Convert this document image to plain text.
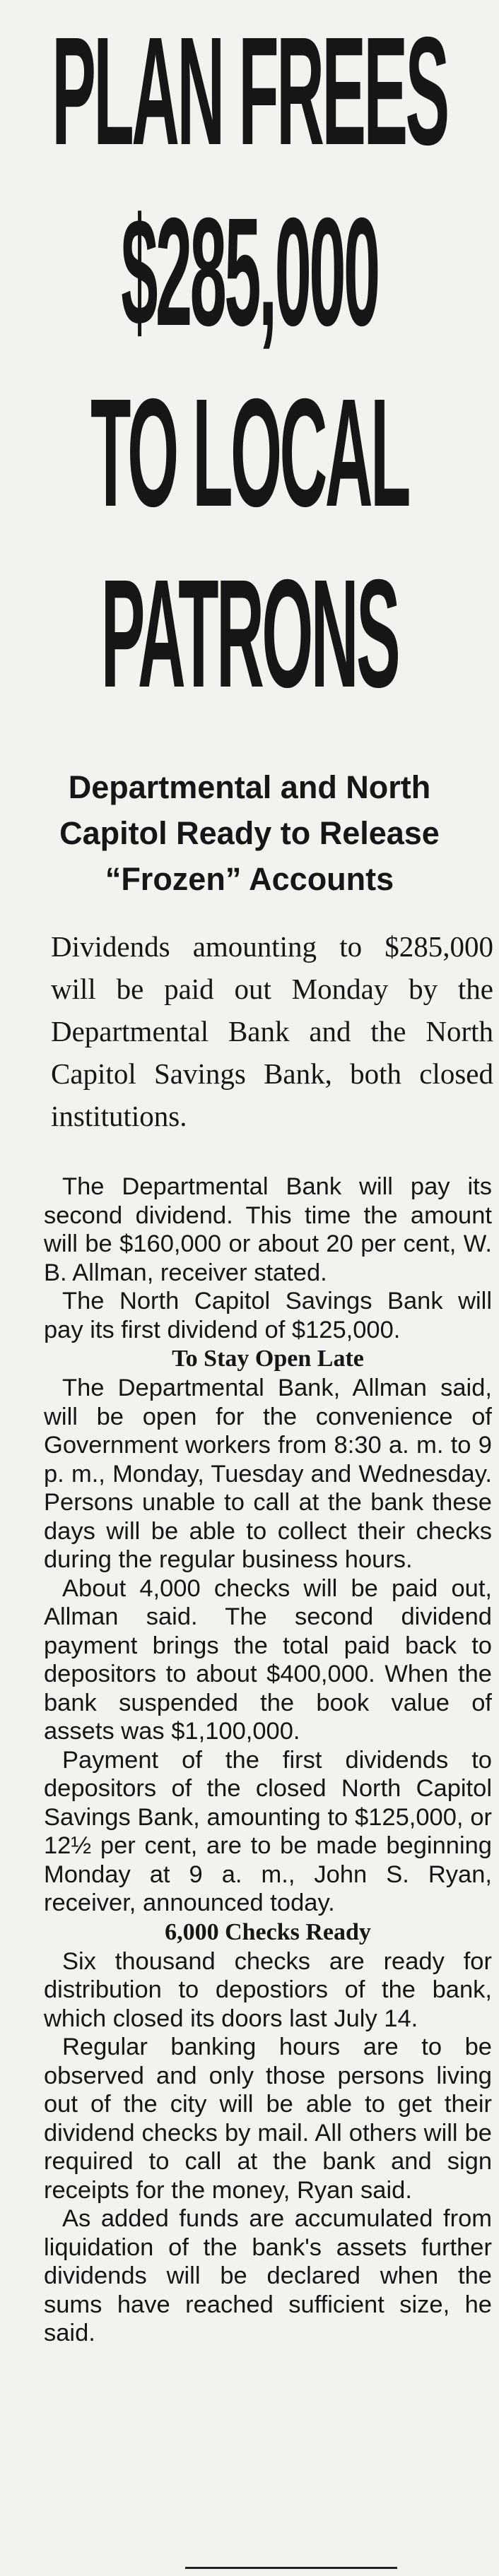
PLAN FREES
$285,000
TO LOCAL
PATRONS
Departmental and North Capitol Ready to Release “Frozen” Accounts
Dividends amounting to $285,000 will be paid out Monday by the Departmental Bank and the North Capitol Savings Bank, both closed institutions.

The Departmental Bank will pay its second dividend. This time the amount will be $160,000 or about 20 per cent, W. B. Allman, receiver stated.

The North Capitol Savings Bank will pay its first dividend of $125,000.

To Stay Open Late

The Departmental Bank, Allman said, will be open for the convenience of Government workers from 8:30 a. m. to 9 p. m., Monday, Tuesday and Wednesday. Persons unable to call at the bank these days will be able to collect their checks during the regular business hours.

About 4,000 checks will be paid out, Allman said. The second dividend payment brings the total paid back to depositors to about $400,000. When the bank suspended the book value of assets was $1,100,000.

Payment of the first dividends to depositors of the closed North Capitol Savings Bank, amounting to $125,000, or 12½ per cent, are to be made beginning Monday at 9 a. m., John S. Ryan, receiver, announced today.

6,000 Checks Ready

Six thousand checks are ready for distribution to depostiors of the bank, which closed its doors last July 14.

Regular banking hours are to be observed and only those persons living out of the city will be able to get their dividend checks by mail. All others will be required to call at the bank and sign receipts for the money, Ryan said.

As added funds are accumulated from liquidation of the bank's assets further dividends will be declared when the sums have reached sufficient size, he said.
